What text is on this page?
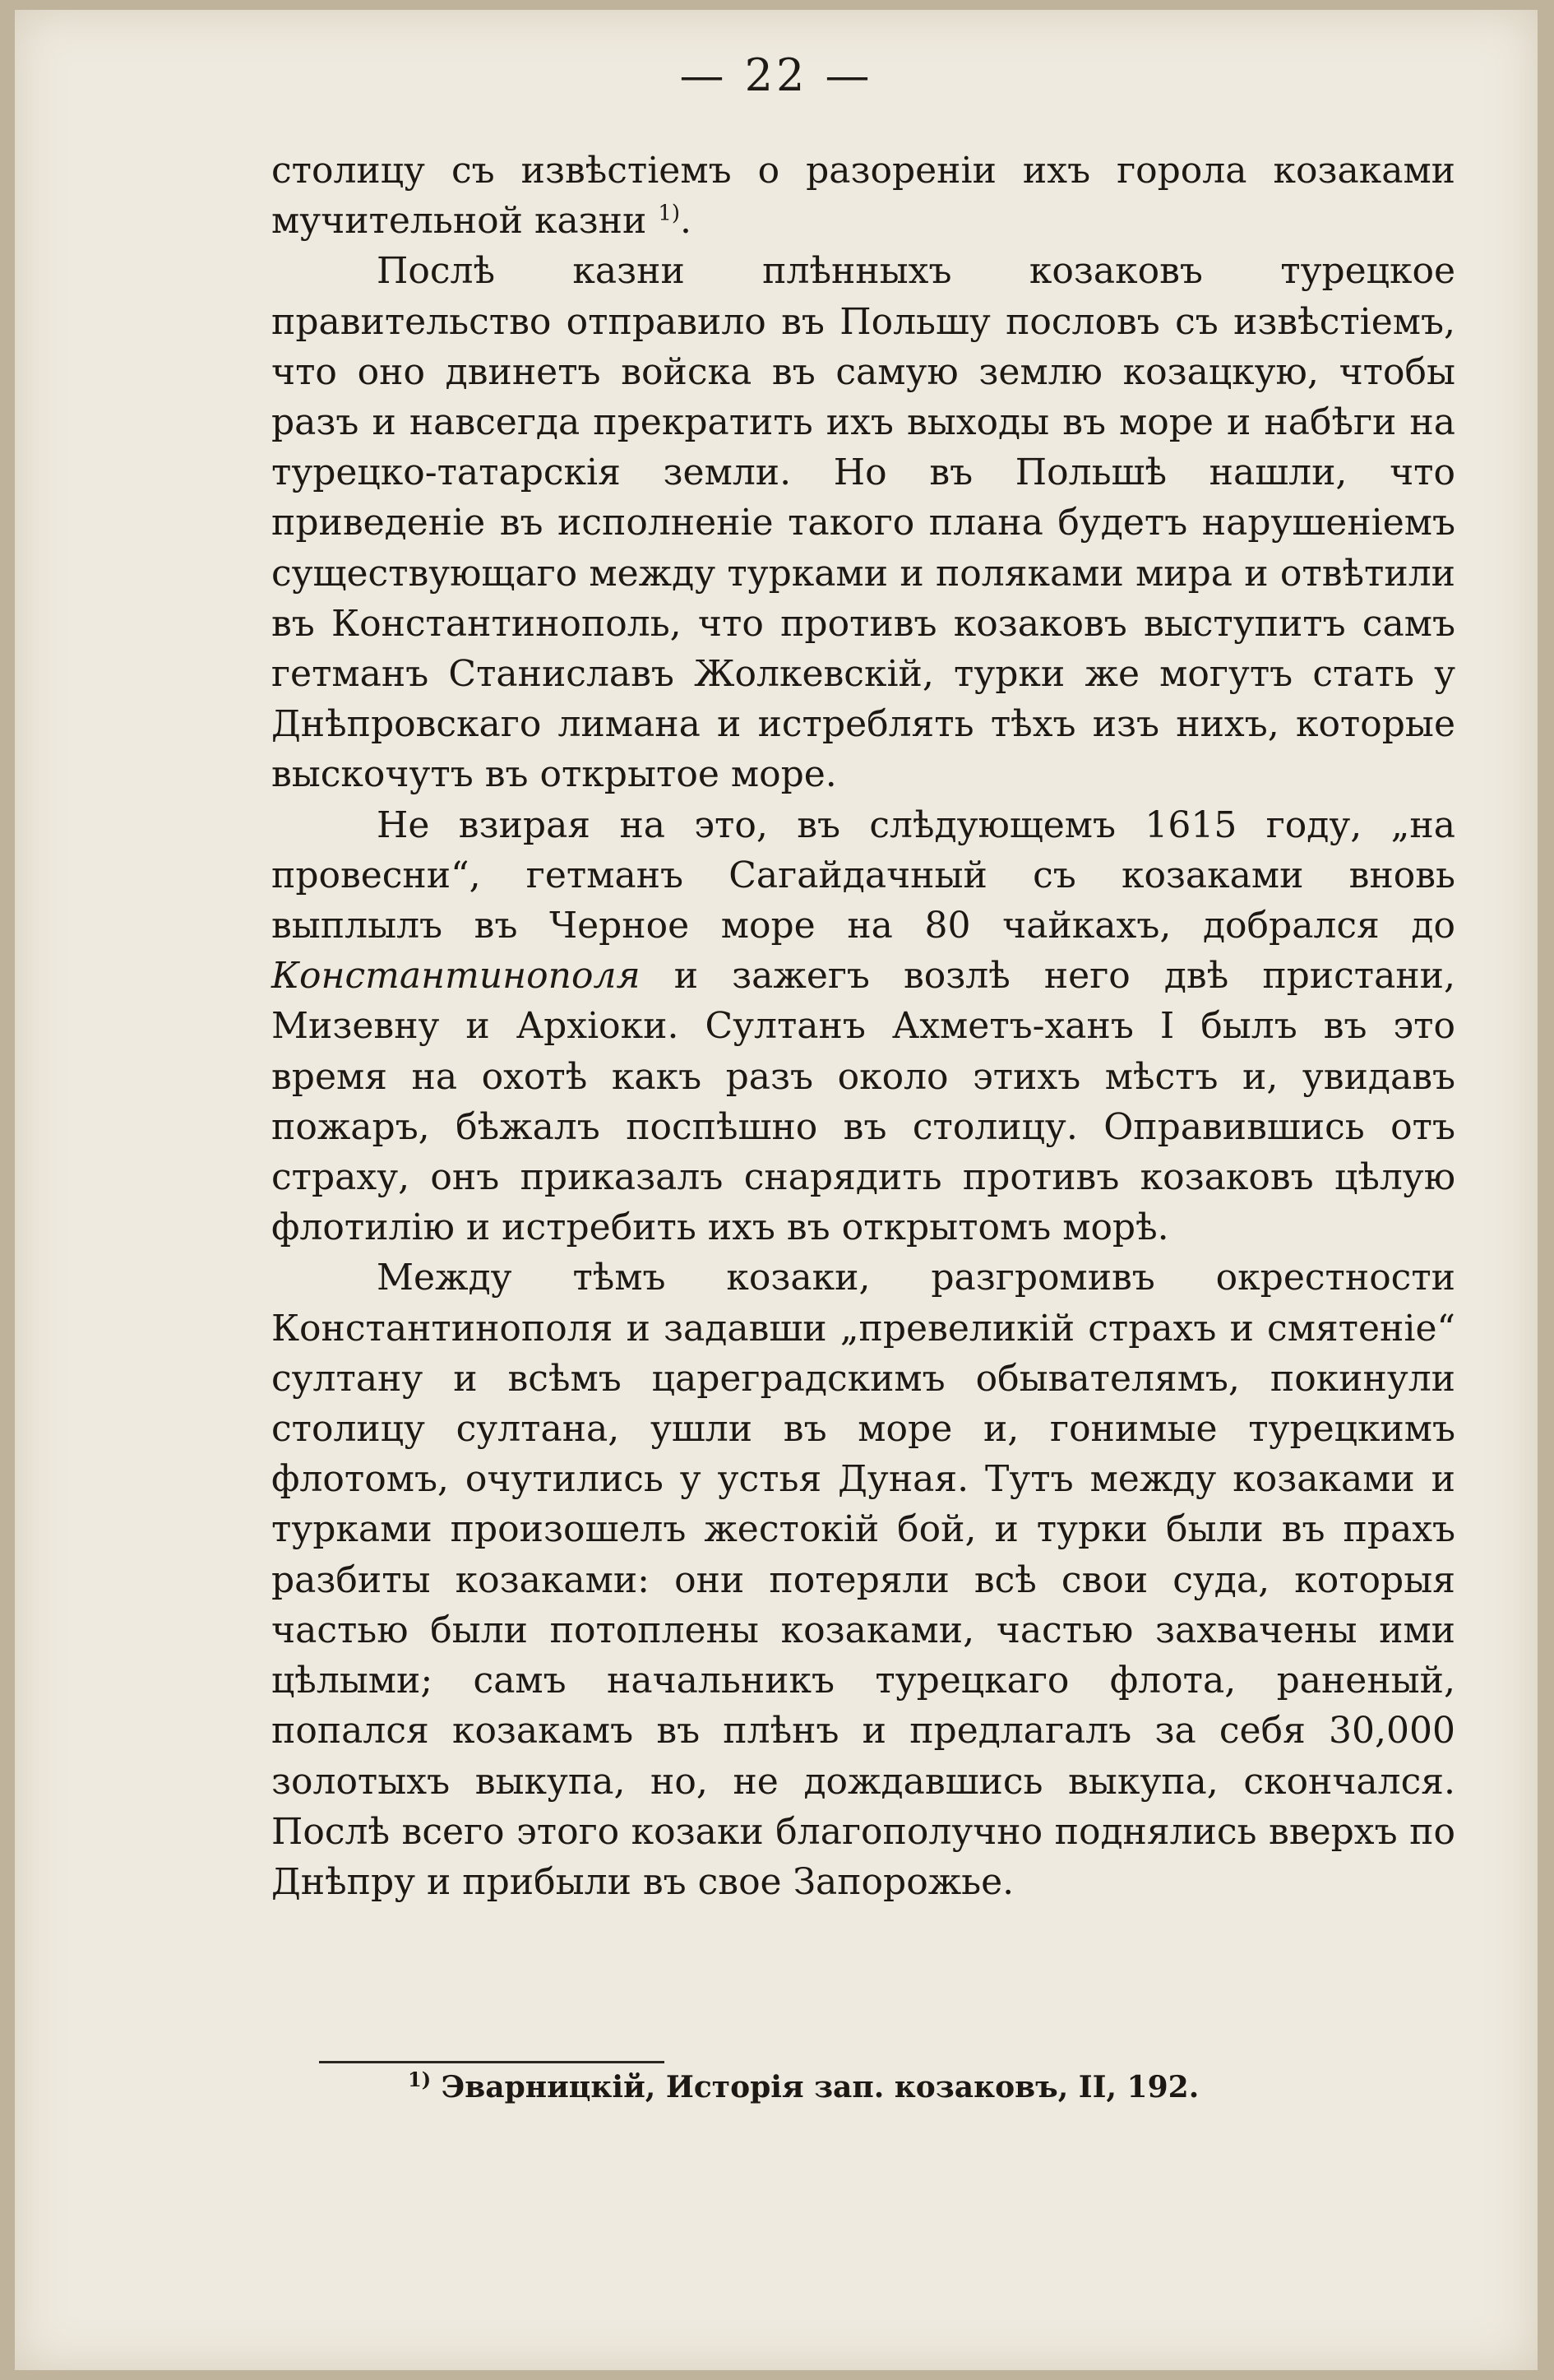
— 22 —

столицу съ извѣстіемъ о разореніи ихъ горола козаками мучительной казни $^{1)}$.

Послѣ казни плѣнныхъ козаковъ турецкое правительство отправило въ Польшу пословъ съ извѣстіемъ, что оно двинетъ войска въ самую землю козацкую, чтобы разъ и навсегда прекратить ихъ выходы въ море и набѣги на турецко-татарскія земли. Но въ Польшѣ нашли, что приведеніе въ исполненіе такого плана будетъ нарушеніемъ существующаго между турками и поляками мира и отвѣтили въ Константинополь, что противъ козаковъ выступитъ самъ гетманъ Станиславъ Жолкевскій, турки же могутъ стать у Днѣпровскаго лимана и истреблять тѣхъ изъ нихъ, которые выскочутъ въ открытое море.

Не взирая на это, въ слѣдующемъ 1615 году, „на провесни“, гетманъ Сагайдачный съ козаками вновь выплылъ въ Черное море на 80 чайкахъ, добрался до Константинополя и зажегъ возлѣ него двѣ пристани, Мизевну и Архіоки. Султанъ Ахметъ-ханъ I былъ въ это время на охотѣ какъ разъ около этихъ мѣстъ и, увидавъ пожаръ, бѣжалъ поспѣшно въ столицу. Оправившись отъ страху, онъ приказалъ снарядить противъ козаковъ цѣлую флотилію и истребить ихъ въ открытомъ морѣ.

Между тѣмъ козаки, разгромивъ окрестности Константинополя и задавши „превеликій страхъ и смятеніе“ султану и всѣмъ цареградскимъ обывателямъ, покинули столицу султана, ушли въ море и, гонимые турецкимъ флотомъ, очутились у устья Дуная. Тутъ между козаками и турками произошелъ жестокій бой, и турки были въ прахъ разбиты козаками: они потеряли всѣ свои суда, которыя частью были потоплены козаками, частью захвачены ими цѣлыми; самъ начальникъ турецкаго флота, раненый, попался козакамъ въ плѣнъ и предлагалъ за себя 30,000 золотыхъ выкупа, но, не дождавшись выкупа, скончался. Послѣ всего этого козаки благополучно поднялись вверхъ по Днѣпру и прибыли въ свое Запорожье.

$^{1)}$ Эварницкій, Исторія зап. козаковъ, II, 192.
